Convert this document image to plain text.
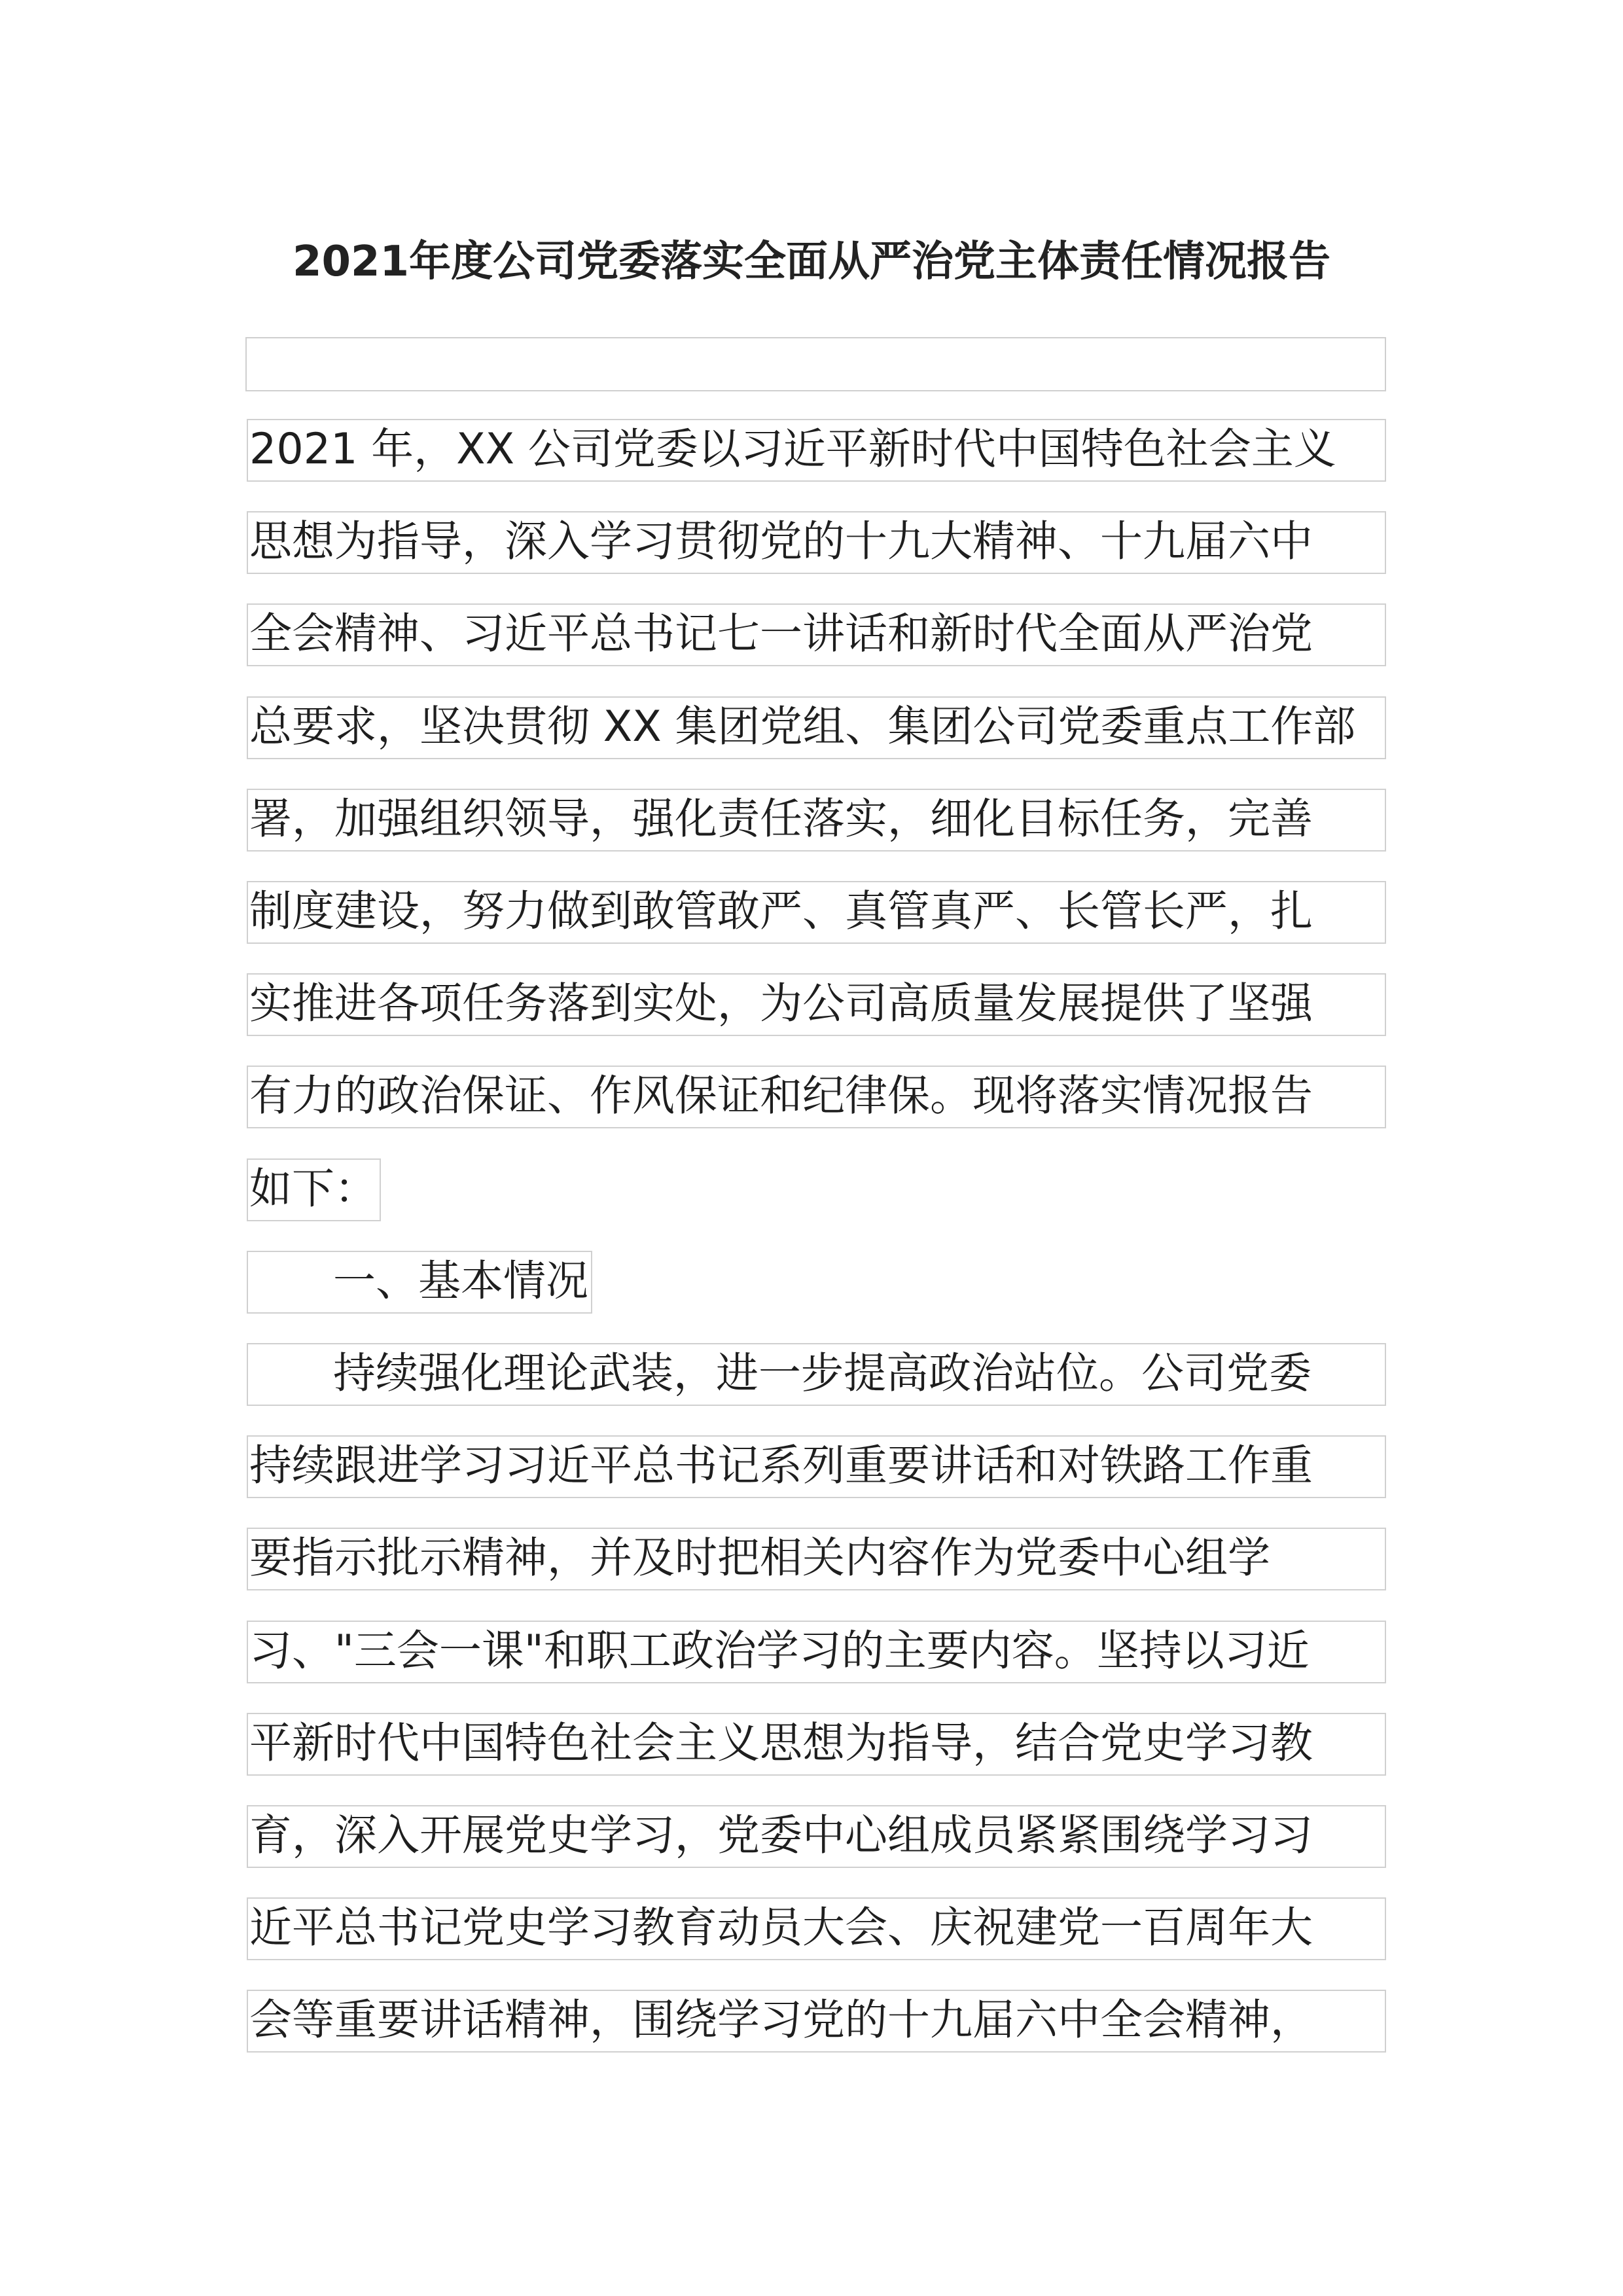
2021年度公司党委落实全面从严治党主体责任情况报告
2021 年，XX 公司党委以习近平新时代中国特色社会主义
思想为指导，深入学习贯彻党的十九大精神、十九届六中
全会精神、习近平总书记七一讲话和新时代全面从严治党
总要求，坚决贯彻 XX 集团党组、集团公司党委重点工作部
署，加强组织领导，强化责任落实，细化目标任务，完善
制度建设，努力做到敢管敢严、真管真严、长管长严，扎
实推进各项任务落到实处，为公司高质量发展提供了坚强
有力的政治保证、作风保证和纪律保。现将落实情况报告
如下：
一、基本情况
持续强化理论武装，进一步提高政治站位。公司党委
持续跟进学习习近平总书记系列重要讲话和对铁路工作重
要指示批示精神，并及时把相关内容作为党委中心组学
习、"三会一课"和职工政治学习的主要内容。坚持以习近
平新时代中国特色社会主义思想为指导，结合党史学习教
育，深入开展党史学习，党委中心组成员紧紧围绕学习习
近平总书记党史学习教育动员大会、庆祝建党一百周年大
会等重要讲话精神，围绕学习党的十九届六中全会精神，
